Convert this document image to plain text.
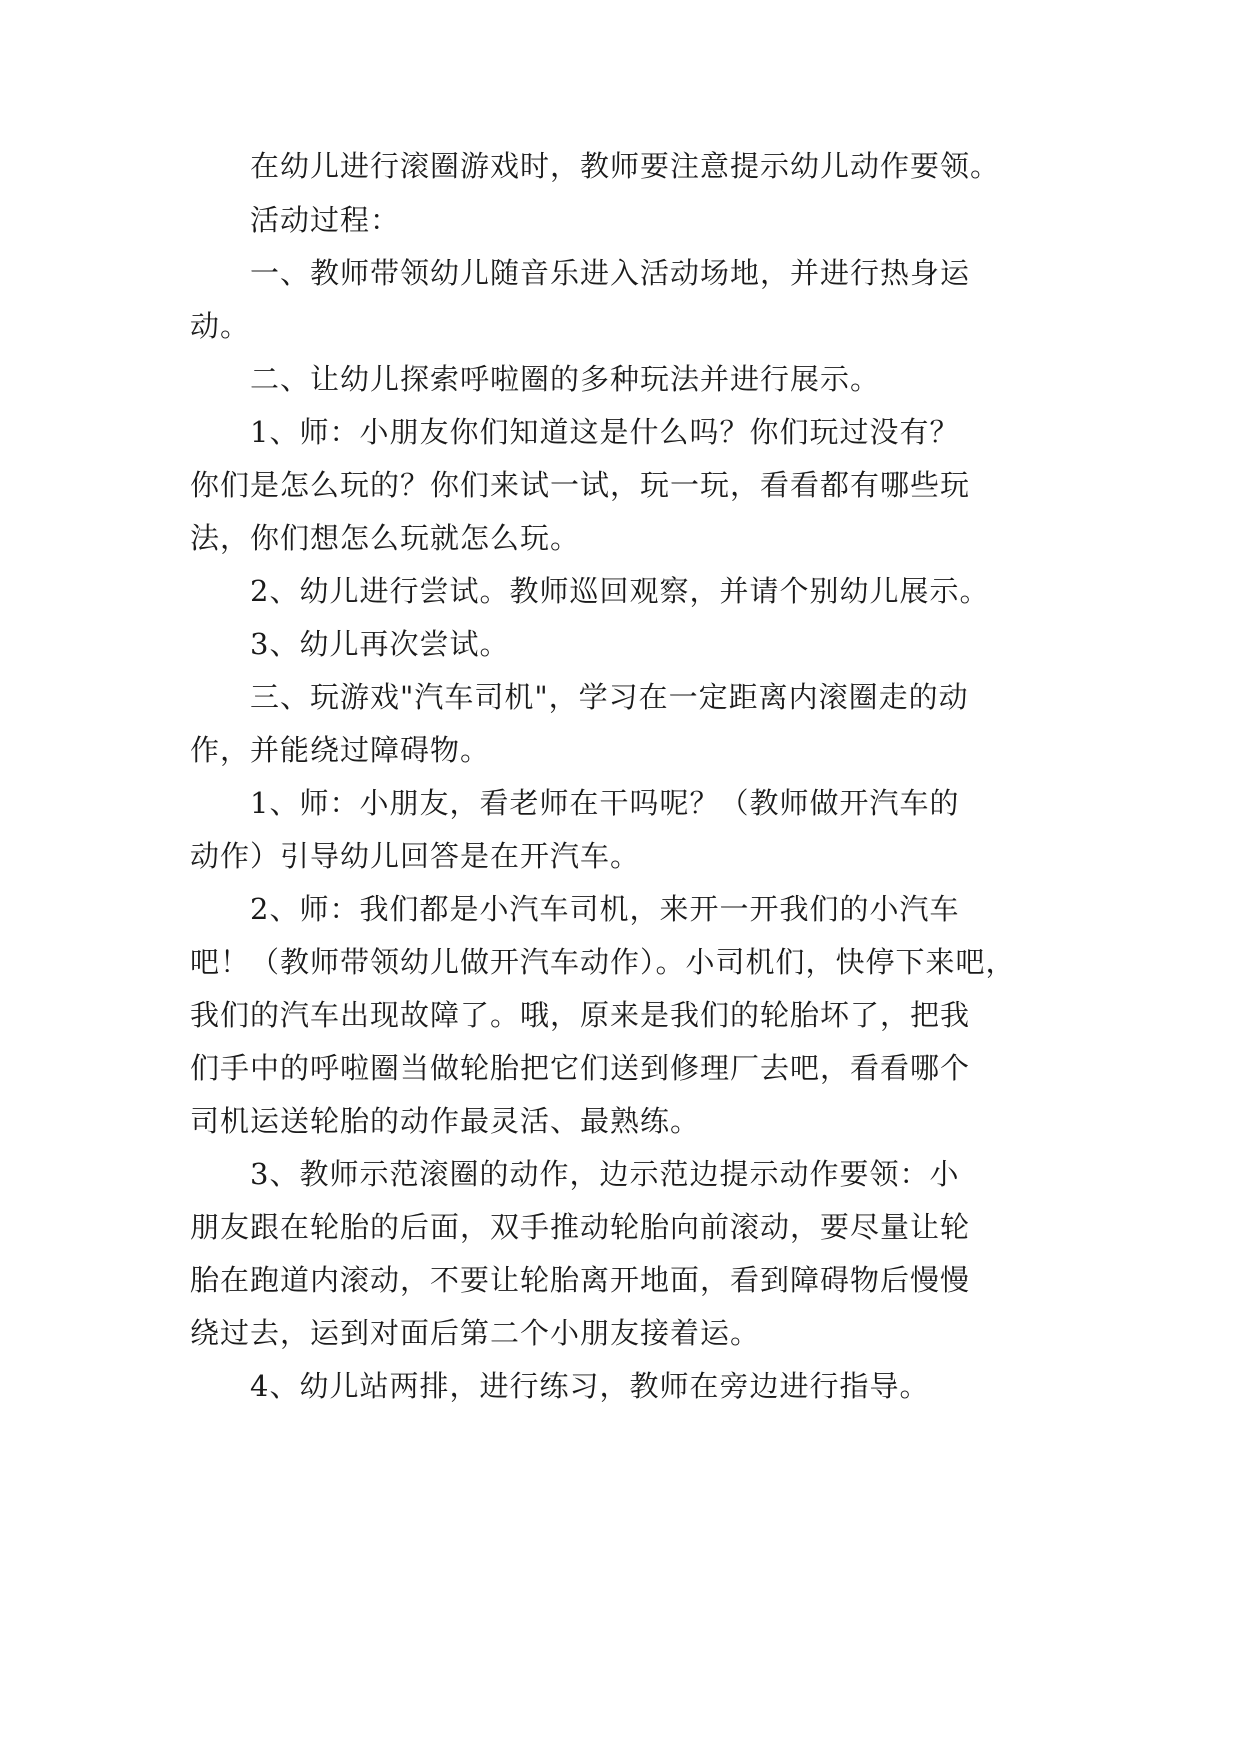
在幼儿进行滚圈游戏时，教师要注意提示幼儿动作要领。
活动过程：
一、教师带领幼儿随音乐进入活动场地，并进行热身运
动。
二、让幼儿探索呼啦圈的多种玩法并进行展示。
1、师：小朋友你们知道这是什么吗？你们玩过没有？
你们是怎么玩的？你们来试一试，玩一玩，看看都有哪些玩
法，你们想怎么玩就怎么玩。
2、幼儿进行尝试。教师巡回观察，并请个别幼儿展示。
3、幼儿再次尝试。
三、玩游戏"汽车司机"，学习在一定距离内滚圈走的动
作，并能绕过障碍物。
1、师：小朋友，看老师在干吗呢？（教师做开汽车的
动作）引导幼儿回答是在开汽车。
2、师：我们都是小汽车司机，来开一开我们的小汽车
吧！（教师带领幼儿做开汽车动作）。小司机们，快停下来吧，
我们的汽车出现故障了。哦，原来是我们的轮胎坏了，把我
们手中的呼啦圈当做轮胎把它们送到修理厂去吧，看看哪个
司机运送轮胎的动作最灵活、最熟练。
3、教师示范滚圈的动作，边示范边提示动作要领：小
朋友跟在轮胎的后面，双手推动轮胎向前滚动，要尽量让轮
胎在跑道内滚动，不要让轮胎离开地面，看到障碍物后慢慢
绕过去，运到对面后第二个小朋友接着运。
4、幼儿站两排，进行练习，教师在旁边进行指导。
